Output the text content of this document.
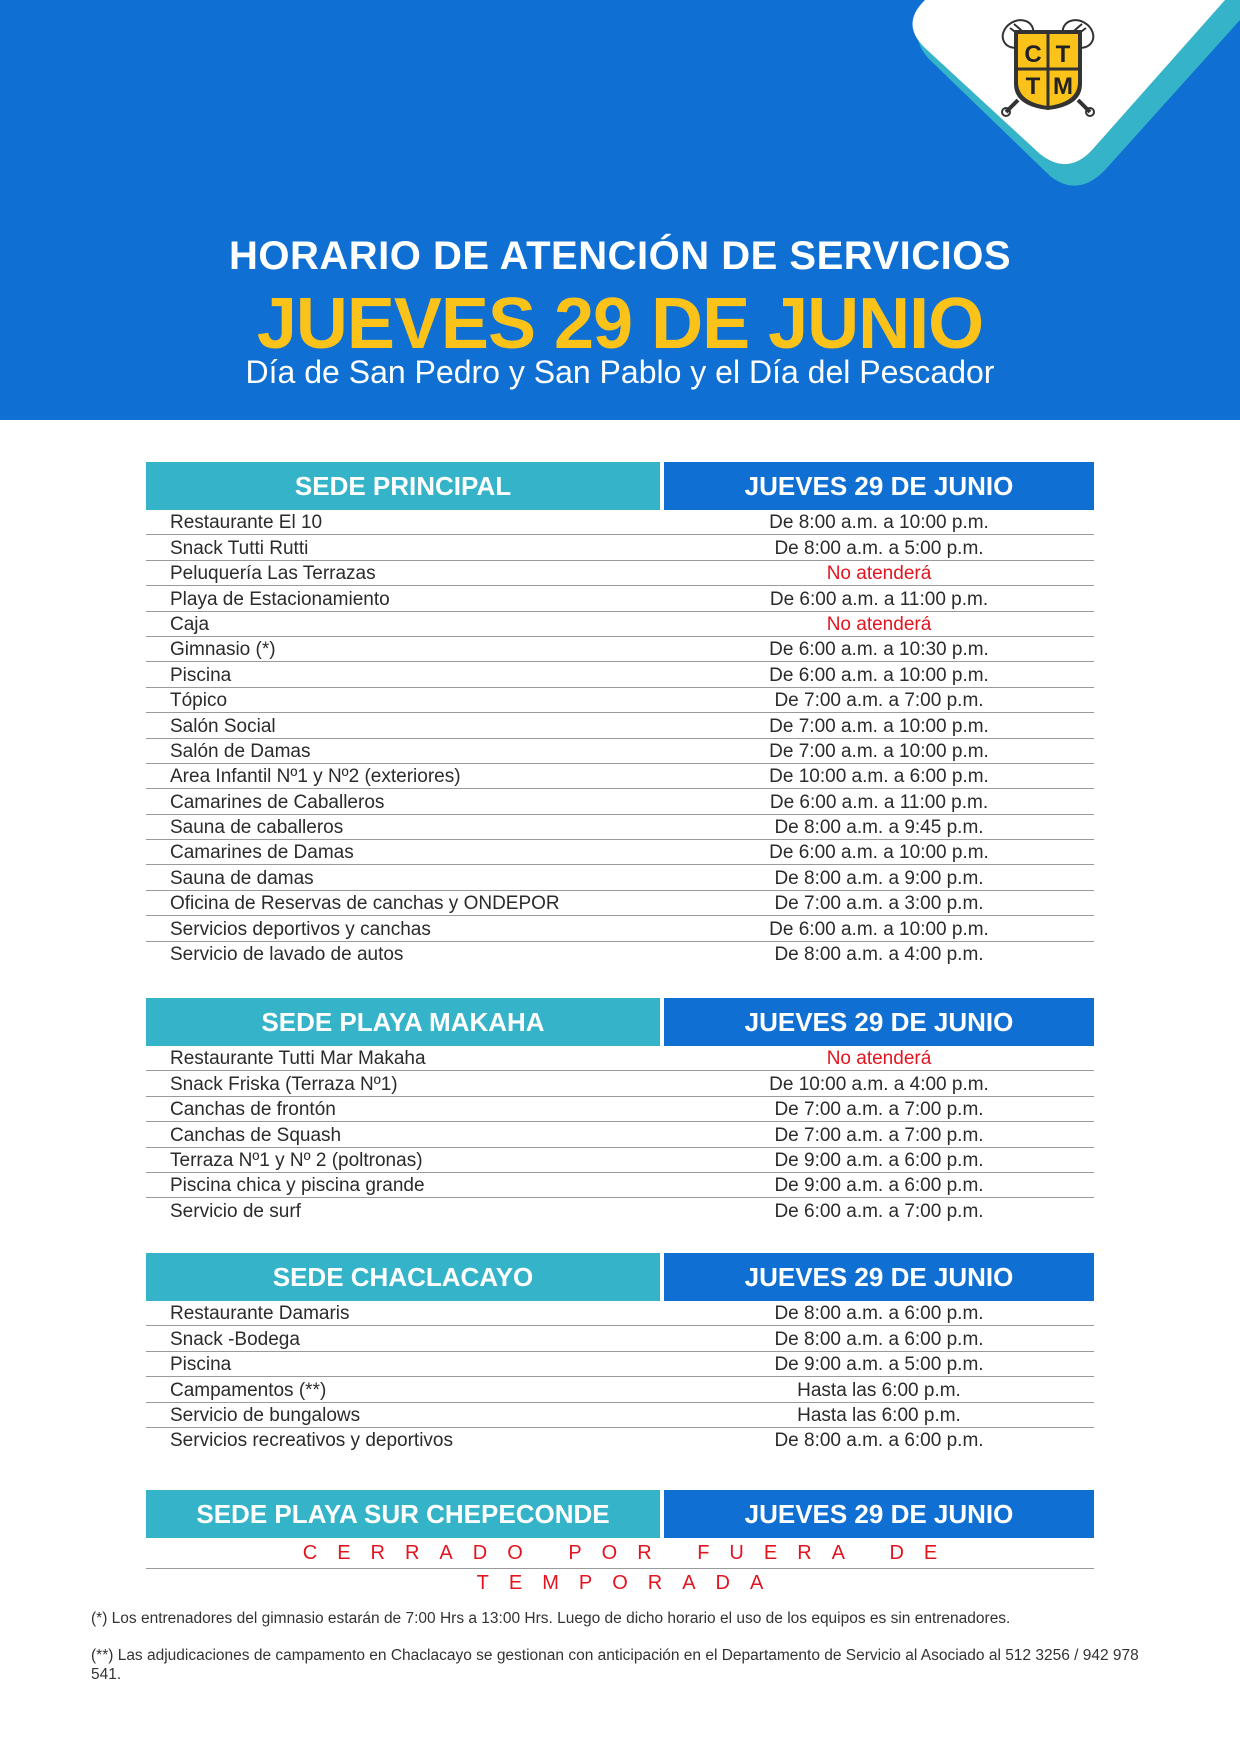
C T
T M
HORARIO DE ATENCIÓN DE SERVICIOS
JUEVES 29 DE JUNIO
Día de San Pedro y San Pablo y el Día del Pescador
SEDE PRINCIPAL	JUEVES 29 DE JUNIO
Restaurante El 10	De 8:00 a.m. a 10:00 p.m.
Snack Tutti Rutti	De 8:00 a.m. a 5:00 p.m.
Peluquería Las Terrazas	No atenderá
Playa de Estacionamiento	De 6:00 a.m. a 11:00 p.m.
Caja	No atenderá
Gimnasio (*)	De 6:00 a.m. a 10:30 p.m.
Piscina	De 6:00 a.m. a 10:00 p.m.
Tópico	De 7:00 a.m. a 7:00 p.m.
Salón Social	De 7:00 a.m. a 10:00 p.m.
Salón de Damas	De 7:00 a.m. a 10:00 p.m.
Area Infantil Nº1 y Nº2 (exteriores)	De 10:00 a.m. a 6:00 p.m.
Camarines de Caballeros	De 6:00 a.m. a 11:00 p.m.
Sauna de caballeros	De 8:00 a.m. a 9:45 p.m.
Camarines de Damas	De 6:00 a.m. a 10:00 p.m.
Sauna de damas	De 8:00 a.m. a 9:00 p.m.
Oficina de Reservas de canchas y ONDEPOR	De 7:00 a.m. a 3:00 p.m.
Servicios deportivos y canchas	De 6:00 a.m. a 10:00 p.m.
Servicio de lavado de autos	De 8:00 a.m. a 4:00 p.m.
SEDE PLAYA MAKAHA	JUEVES 29 DE JUNIO
Restaurante Tutti Mar Makaha	No atenderá
Snack Friska (Terraza Nº1)	De 10:00 a.m. a 4:00 p.m.
Canchas de frontón	De 7:00 a.m. a 7:00 p.m.
Canchas de Squash	De 7:00 a.m. a 7:00 p.m.
Terraza Nº1 y Nº 2 (poltronas)	De 9:00 a.m. a 6:00 p.m.
Piscina chica y piscina grande	De 9:00 a.m. a 6:00 p.m.
Servicio de surf	De 6:00 a.m. a 7:00 p.m.
SEDE CHACLACAYO	JUEVES 29 DE JUNIO
Restaurante Damaris	De 8:00 a.m. a 6:00 p.m.
Snack -Bodega	De 8:00 a.m. a 6:00 p.m.
Piscina	De 9:00 a.m. a 5:00 p.m.
Campamentos (**)	Hasta las 6:00 p.m.
Servicio de bungalows	Hasta las 6:00 p.m.
Servicios recreativos y deportivos	De 8:00 a.m. a 6:00 p.m.
SEDE PLAYA SUR CHEPECONDE	JUEVES 29 DE JUNIO
CERRADO POR FUERA DE TEMPORADA
(*) Los entrenadores del gimnasio estarán de 7:00 Hrs a 13:00 Hrs. Luego de dicho horario el uso de los equipos es sin entrenadores.
(**) Las adjudicaciones de campamento en Chaclacayo se gestionan con anticipación en el Departamento de Servicio al Asociado al 512 3256 / 942 978 541.
